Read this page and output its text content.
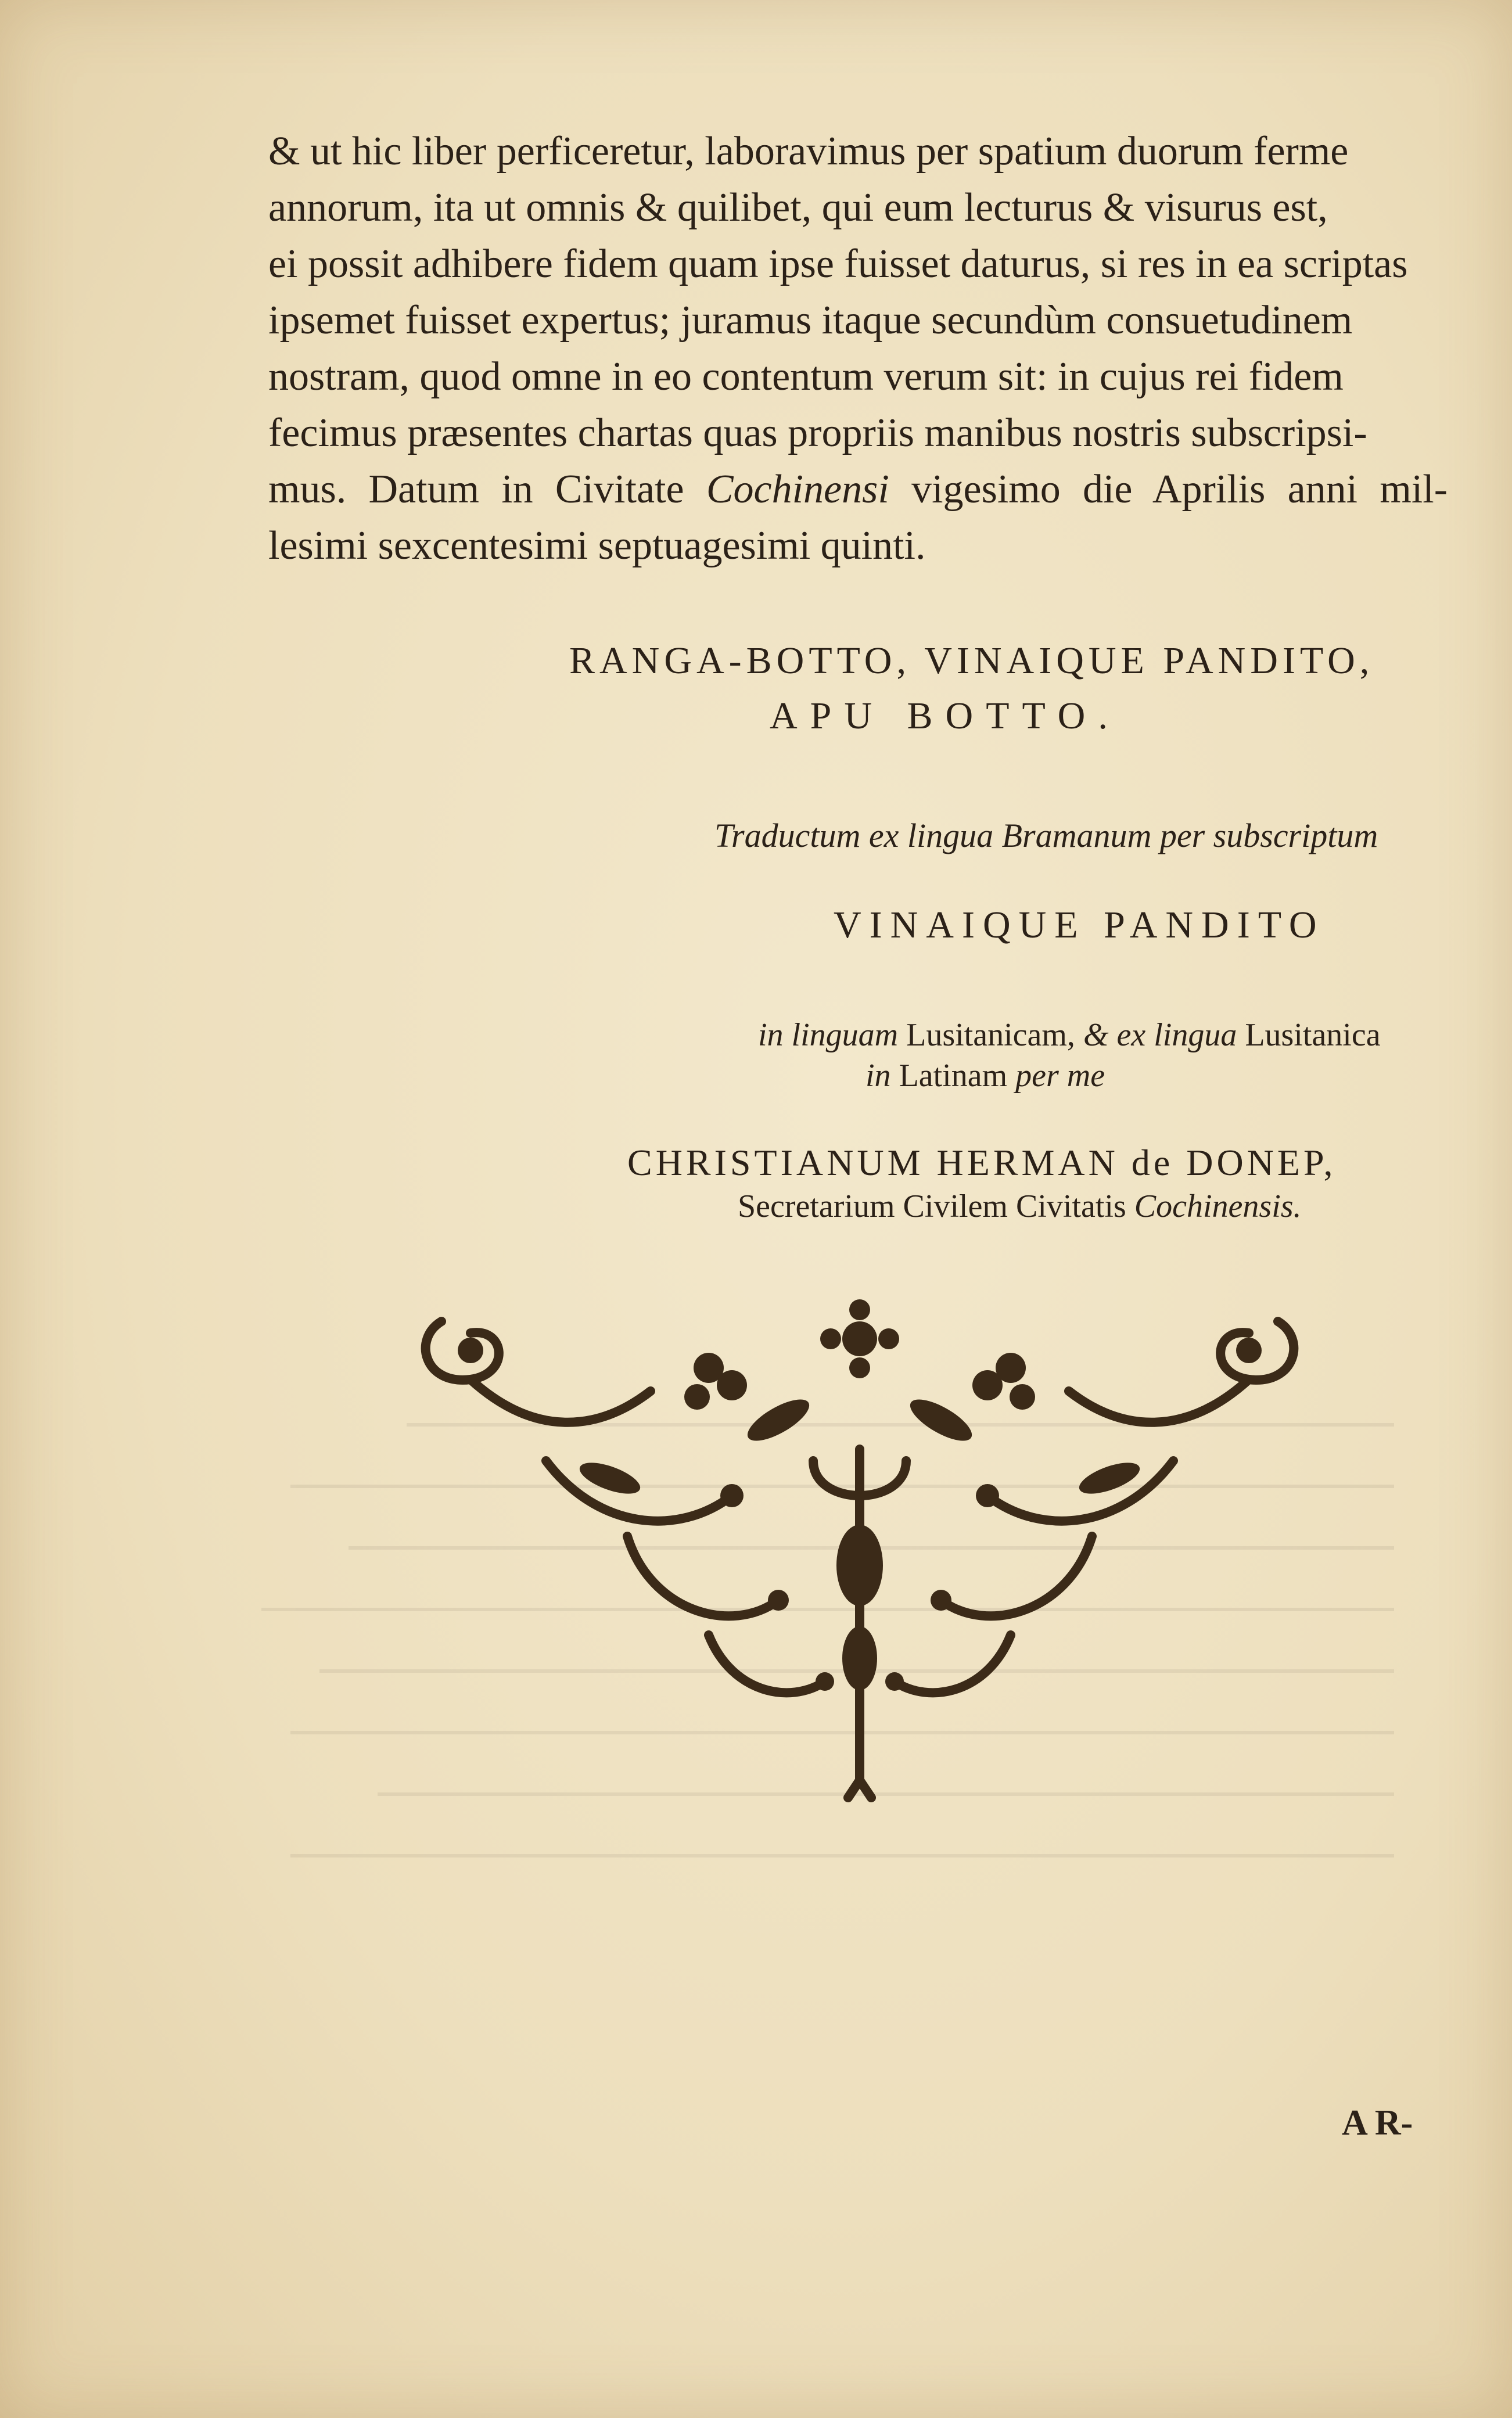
& ut hic liber perficeretur, laboravimus per spatium duorum ferme

annorum, ita ut omnis & quilibet, qui eum lecturus & visurus est,

ei possit adhibere fidem quam ipse fuisset daturus, si res in ea scriptas

ipsemet fuisset expertus; juramus itaque secundùm consuetudinem

nostram, quod omne in eo contentum verum sit: in cujus rei fidem

fecimus præsentes chartas quas propriis manibus nostris subscripsi-

mus. Datum in Civitate Cochinensi vigesimo die Aprilis anni mil-

lesimi sexcentesimi septuagesimi quinti.

RANGA-BOTTO, VINAIQUE PANDITO,
APU BOTTO.
Traductum ex lingua Bramanum per subscriptum
VINAIQUE PANDITO
in linguam Lusitanicam, & ex lingua Lusitanica
in Latinam per me
CHRISTIANUM HERMAN de DONEP,
Secretarium Civilem Civitatis Cochinensis.
A R-
